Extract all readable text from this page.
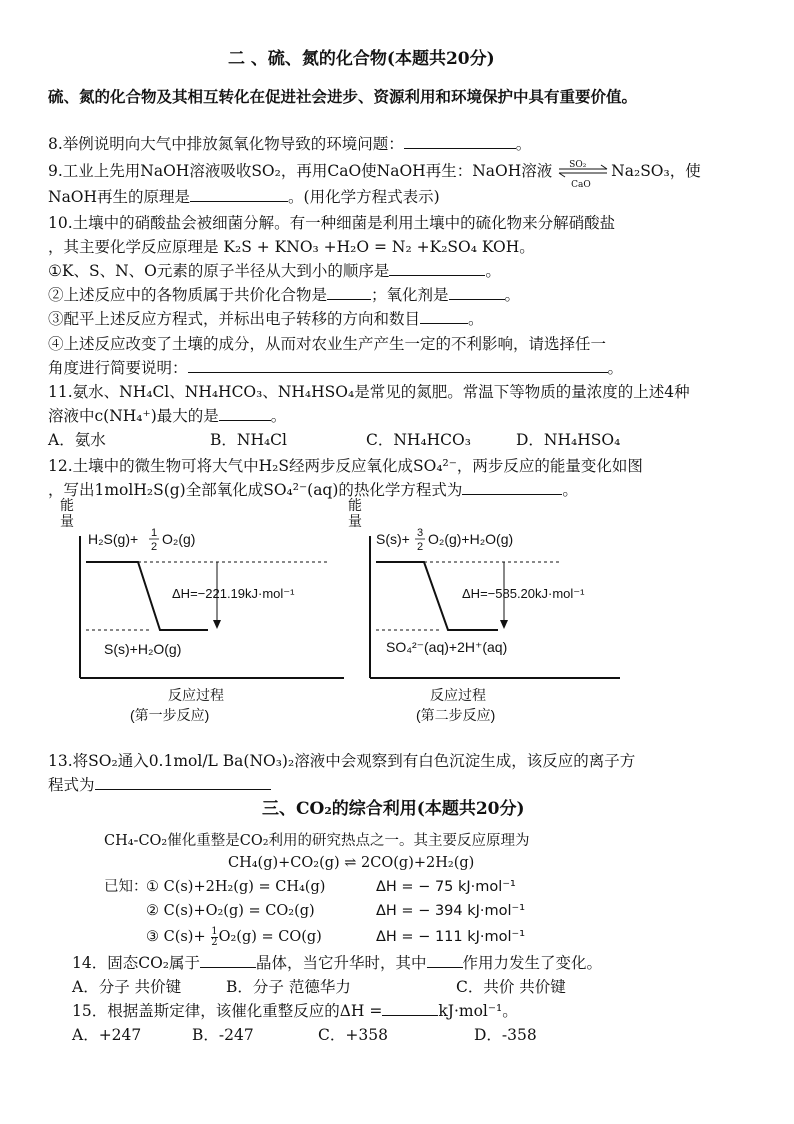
二 、硫、氮的化合物(本题共20分)
硫、氮的化合物及其相互转化在促进社会进步、资源利用和环境保护中具有重要价值。
8.举例说明向大气中排放氮氧化物导致的环境问题：	。
9.工业上先用NaOH溶液吸收SO₂，再用CaO使NaOH再生：NaOH溶液 SO₂
CaO
Na₂SO₃，使
NaOH再生的原理是	。(用化学方程式表示)
10.土壤中的硝酸盐会被细菌分解。有一种细菌是利用土壤中的硫化物来分解硝酸盐
，其主要化学反应原理是 K₂S + KNO₃ +H₂O = N₂ +K₂SO₄ KOH。
①K、S、N、O元素的原子半径从大到小的顺序是	。
②上述反应中的各物质属于共价化合物是	；氧化剂是	。
③配平上述反应方程式，并标出电子转移的方向和数目	。
④上述反应改变了土壤的成分，从而对农业生产产生一定的不利影响，请选择任一
角度进行简要说明：	。
11.氨水、NH₄Cl、NH₄HCO₃、NH₄HSO₄是常见的氮肥。常温下等物质的量浓度的上述4种
溶液中c(NH₄⁺)最大的是	。
A．氨水	B．NH₄Cl	C．NH₄HCO₃	D．NH₄HSO₄
12.土壤中的微生物可将大气中H₂S经两步反应氧化成SO₄²⁻，两步反应的能量变化如图
，写出1molH₂S(g)全部氧化成SO₄²⁻(aq)的热化学方程式为	。
能
量
H₂S(g)+ 1
2 O₂(g)
ΔH=−221.19kJ·mol⁻¹
S(s)+H₂O(g)
反应过程
(第一步反应)
能
量
S(s)+ 3
2 O₂(g)+H₂O(g)
ΔH=−585.20kJ·mol⁻¹
SO₄²⁻(aq)+2H⁺(aq)
反应过程
(第二步反应)
13.将SO₂通入0.1mol/L Ba(NO₃)₂溶液中会观察到有白色沉淀生成，该反应的离子方
程式为
三、CO₂的综合利用(本题共20分)
CH₄-CO₂催化重整是CO₂利用的研究热点之一。其主要反应原理为
CH₄(g)+CO₂(g) ⇌ 2CO(g)+2H₂(g)
已知：
① C(s)+2H₂(g) = CH₄(g)	ΔH = − 75 kJ·mol⁻¹
② C(s)+O₂(g) = CO₂(g)	ΔH = − 394 kJ·mol⁻¹
③ $C(s)+ \frac{1}{2} O_2(g) = CO(g)$	ΔH = − 111 kJ·mol⁻¹
14．固态CO₂属于	晶体，当它升华时，其中 作用力发生了变化。
A．分子 共价键	B．分子 范德华力	C．共价 共价键
15．根据盖斯定律，该催化重整反应的ΔH =	kJ·mol⁻¹。
A．+247	B．-247	C．+358	D．-358
